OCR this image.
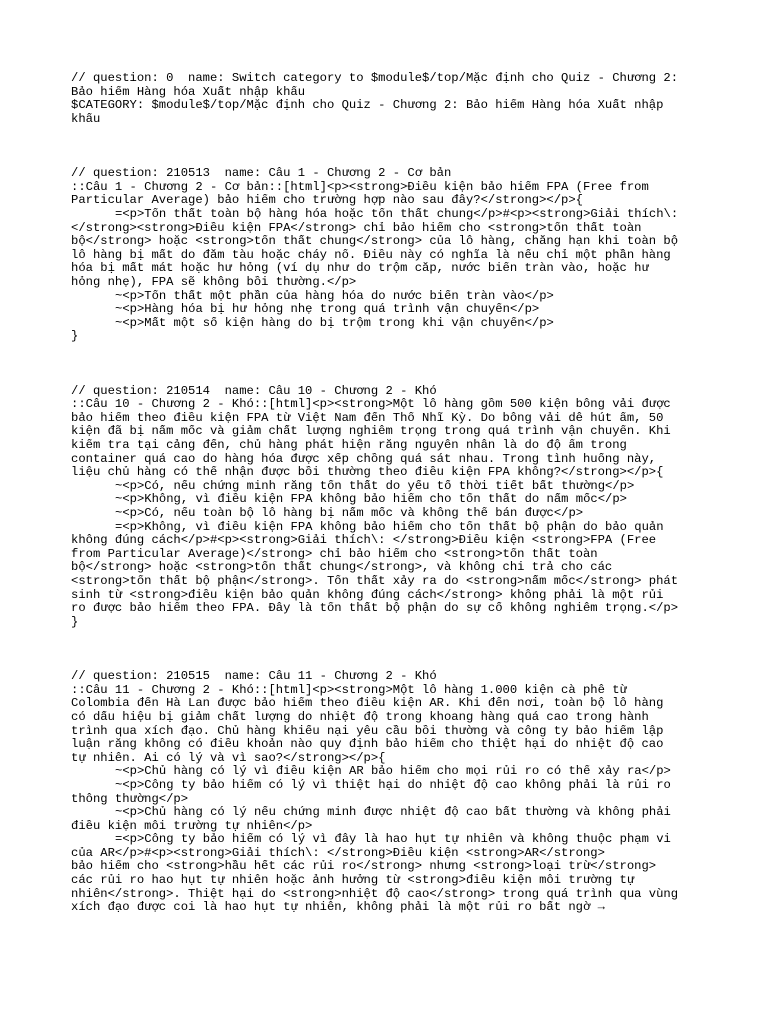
// question: 0  name: Switch category to $module$/top/Mặc định cho Quiz - Chương 2:
Bảo hiểm Hàng hóa Xuất nhập khẩu
$CATEGORY: $module$/top/Mặc định cho Quiz - Chương 2: Bảo hiểm Hàng hóa Xuất nhập
khẩu
// question: 210513  name: Câu 1 - Chương 2 - Cơ bản
::Câu 1 - Chương 2 - Cơ bản::[html]<p><strong>Điều kiện bảo hiểm FPA (Free from
Particular Average) bảo hiểm cho trường hợp nào sau đây?</strong></p>{
=<p>Tổn thất toàn bộ hàng hóa hoặc tổn thất chung</p>#<p><strong>Giải thích\:
</strong><strong>Điều kiện FPA</strong> chỉ bảo hiểm cho <strong>tổn thất toàn
bộ</strong> hoặc <strong>tổn thất chung</strong> của lô hàng, chẳng hạn khi toàn bộ
lô hàng bị mất do đắm tàu hoặc cháy nổ. Điều này có nghĩa là nếu chỉ một phần hàng
hóa bị mất mát hoặc hư hỏng (ví dụ như do trộm cắp, nước biển tràn vào, hoặc hư
hỏng nhẹ), FPA sẽ không bồi thường.</p>
~<p>Tổn thất một phần của hàng hóa do nước biển tràn vào</p>
~<p>Hàng hóa bị hư hỏng nhẹ trong quá trình vận chuyển</p>
~<p>Mất một số kiện hàng do bị trộm trong khi vận chuyển</p>
}
// question: 210514  name: Câu 10 - Chương 2 - Khó
::Câu 10 - Chương 2 - Khó::[html]<p><strong>Một lô hàng gồm 500 kiện bông vải được
bảo hiểm theo điều kiện FPA từ Việt Nam đến Thổ Nhĩ Kỳ. Do bông vải dễ hút ẩm, 50
kiện đã bị nấm mốc và giảm chất lượng nghiêm trọng trong quá trình vận chuyển. Khi
kiểm tra tại cảng đến, chủ hàng phát hiện rằng nguyên nhân là do độ ẩm trong
container quá cao do hàng hóa được xếp chồng quá sát nhau. Trong tình huống này,
liệu chủ hàng có thể nhận được bồi thường theo điều kiện FPA không?</strong></p>{
~<p>Có, nếu chứng minh rằng tổn thất do yếu tố thời tiết bất thường</p>
~<p>Không, vì điều kiện FPA không bảo hiểm cho tổn thất do nấm mốc</p>
~<p>Có, nếu toàn bộ lô hàng bị nấm mốc và không thể bán được</p>
=<p>Không, vì điều kiện FPA không bảo hiểm cho tổn thất bộ phận do bảo quản
không đúng cách</p>#<p><strong>Giải thích\: </strong>Điều kiện <strong>FPA (Free
from Particular Average)</strong> chỉ bảo hiểm cho <strong>tổn thất toàn
bộ</strong> hoặc <strong>tổn thất chung</strong>, và không chi trả cho các
<strong>tổn thất bộ phận</strong>. Tổn thất xảy ra do <strong>nấm mốc</strong> phát
sinh từ <strong>điều kiện bảo quản không đúng cách</strong> không phải là một rủi
ro được bảo hiểm theo FPA. Đây là tổn thất bộ phận do sự cố không nghiêm trọng.</p>
}
// question: 210515  name: Câu 11 - Chương 2 - Khó
::Câu 11 - Chương 2 - Khó::[html]<p><strong>Một lô hàng 1.000 kiện cà phê từ
Colombia đến Hà Lan được bảo hiểm theo điều kiện AR. Khi đến nơi, toàn bộ lô hàng
có dấu hiệu bị giảm chất lượng do nhiệt độ trong khoang hàng quá cao trong hành
trình qua xích đạo. Chủ hàng khiếu nại yêu cầu bồi thường và công ty bảo hiểm lập
luận rằng không có điều khoản nào quy định bảo hiểm cho thiệt hại do nhiệt độ cao
tự nhiên. Ai có lý và vì sao?</strong></p>{
~<p>Chủ hàng có lý vì điều kiện AR bảo hiểm cho mọi rủi ro có thể xảy ra</p>
~<p>Công ty bảo hiểm có lý vì thiệt hại do nhiệt độ cao không phải là rủi ro
thông thường</p>
~<p>Chủ hàng có lý nếu chứng minh được nhiệt độ cao bất thường và không phải
điều kiện môi trường tự nhiên</p>
=<p>Công ty bảo hiểm có lý vì đây là hao hụt tự nhiên và không thuộc phạm vi
của AR</p>#<p><strong>Giải thích\: </strong>Điều kiện <strong>AR</strong>
bảo hiểm cho <strong>hầu hết các rủi ro</strong> nhưng <strong>loại trừ</strong>
các rủi ro hao hụt tự nhiên hoặc ảnh hưởng từ <strong>điều kiện môi trường tự
nhiên</strong>. Thiệt hại do <strong>nhiệt độ cao</strong> trong quá trình qua vùng
xích đạo được coi là hao hụt tự nhiên, không phải là một rủi ro bất ngờ →
